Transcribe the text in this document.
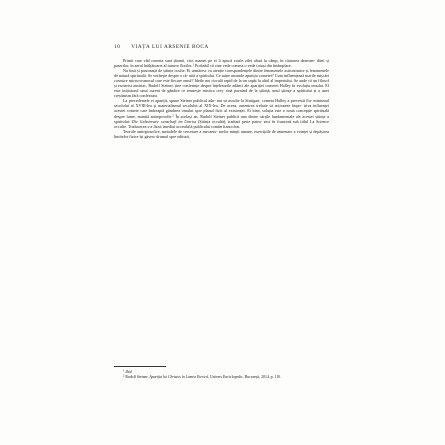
10 VIAȚA LUI ARSENIE BOCA

Primii care vâd cometa sunt țăranii, căci mamei pe ei îi apucă zorile zilei afară la câmp, în căutarea dezmier- dării și paserilor, în aerul înălțătoarei al tuturor florilor.$^1$ Probabil că cine vede cometa o vede totuși din întâmplare.

Nu însă și pasionații de științe oculte. Ei urmăresc cu atenție corespondențele dintre fenomenele astronomice și fenomenele de natură spirituală. Se vorbește despre o ră- nită a spiritului. Ce taine ascunde apariția cometei? Cum influențează marile mișcări cosmice microcosmosul care este fiecare omul? Ideile noi circulă rapid de la un capăt la altul al imperiului. Se aude că un filosof și esoterist austriac, Rudolf Steiner, ține conferințe despre înțelesurile adânci ale apariției cometei Halley în evoluția omului. El este inițiatorul unui curent de gândire ce reunește mistica creș- tină pornind de la știință, unul științe a spiritului și a unei creștinism fără confesiuni.

La precedentele ei apariții, spune Steiner publicul adu- nat să asculte la Stuttgart, cometa Halley a prevestit ilu- minismul secolului al XVIII-lea și materialismul secolului al XIX-lea. De aceea, omenirea trebuie să acționeze împo- triva influenței acestei comete care îndreaptă gândirea omului spre planul fizic al existenței. Ei bine, soluția este o nouă concepție spirituală despre lume, numită antroposofie.$^2$ În același an, Rudolf Steiner publică una dintre cărțile fundamentale ale acestei științe a spiritului: Die Geheimwis- senschaft im Umriss (Știința occultă), tradusă peste patru- zeci în franceză sub titlul La Science occulte. Traducerea s-a făcut imediat accesibilă publicului român francofon.

Teoriile antroposofice, metodele de cercetare a mecanis- melor minții umane, exercițiile de antrenare a voinței și depășirea limitelor fizice își găsesc drumul spre editură,

$^1$ Ibid.

$^2$ Rudolf Steiner, Apariția lui Christos în Lumea Eterică, Univers Enciclopedic, București, 2014, p. 110.
